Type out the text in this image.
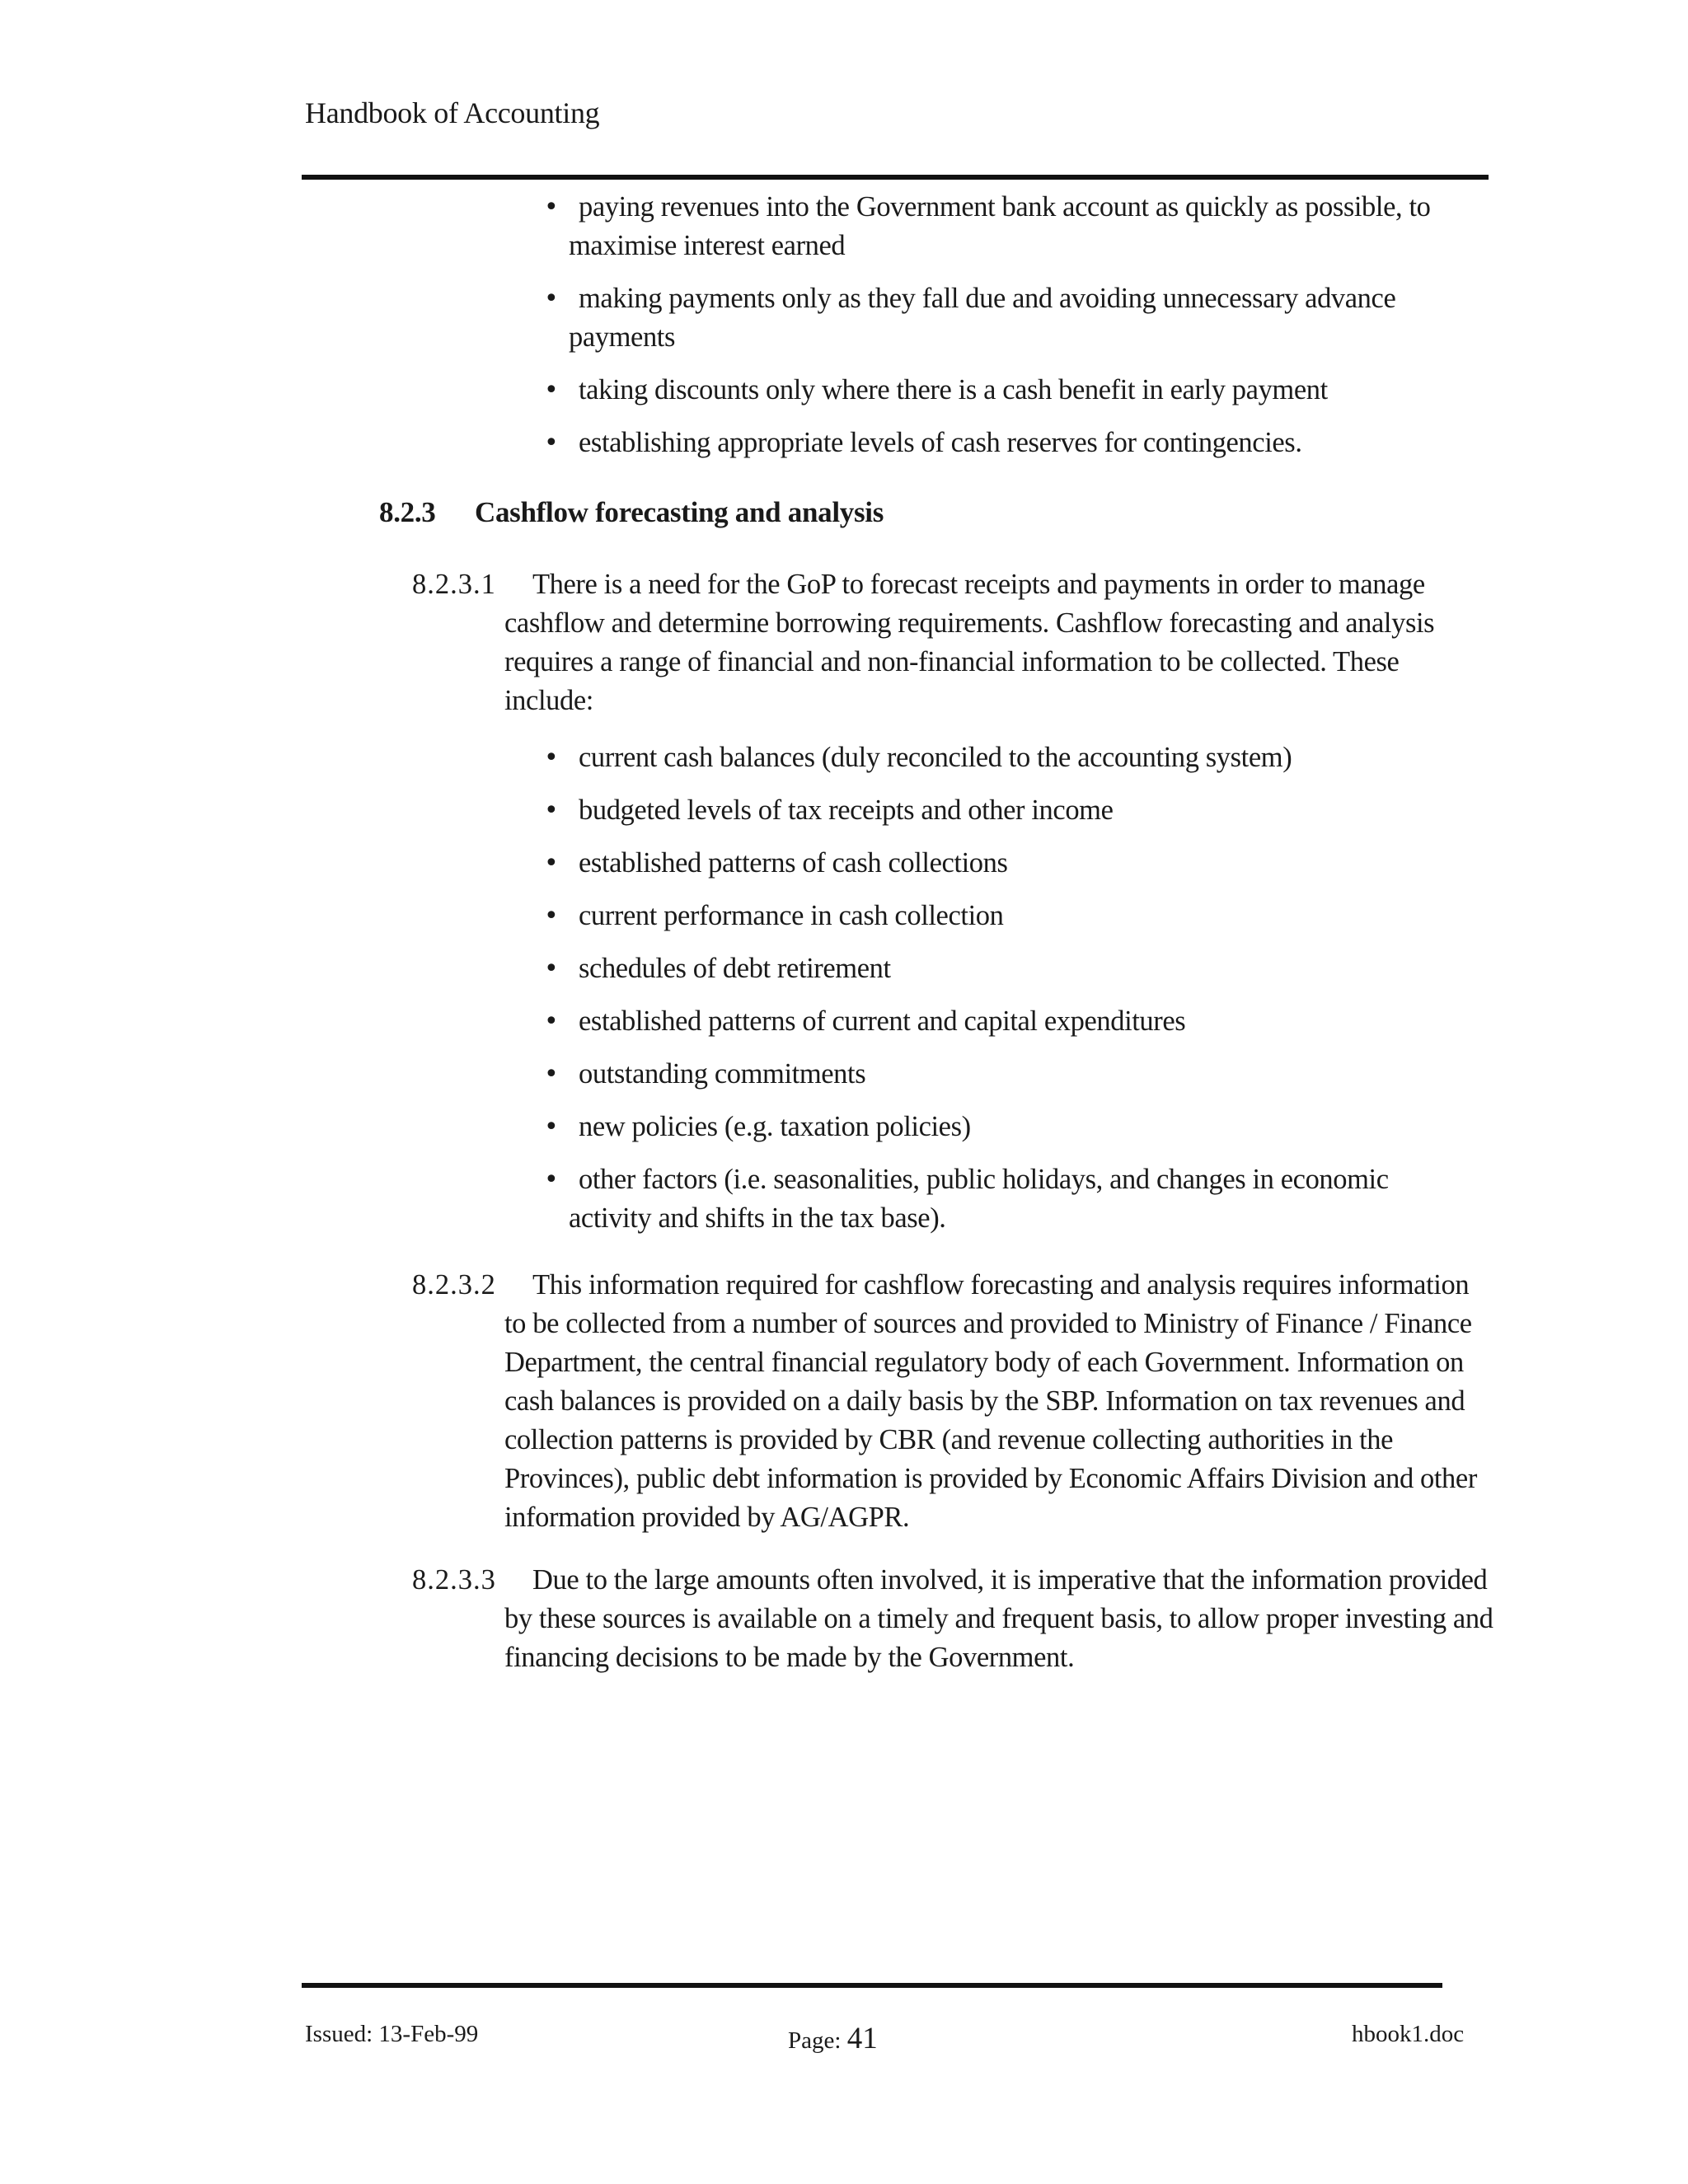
Handbook of Accounting
• paying revenues into the Government bank account as quickly as possible, to
maximise interest earned
• making payments only as they fall due and avoiding unnecessary advance
payments
• taking discounts only where there is a cash benefit in early payment
• establishing appropriate levels of cash reserves for contingencies.
8.2.3 Cashflow forecasting and analysis
8.2.3.1	There is a need for the GoP to forecast receipts and payments in order to manage cashflow and determine borrowing requirements. Cashflow forecasting and analysis requires a range of financial and non-financial information to be collected. These include:
• current cash balances (duly reconciled to the accounting system)
• budgeted levels of tax receipts and other income
• established patterns of cash collections
• current performance in cash collection
• schedules of debt retirement
• established patterns of current and capital expenditures
• outstanding commitments
• new policies (e.g. taxation policies)
• other factors (i.e. seasonalities, public holidays, and changes in economic
activity and shifts in the tax base).
8.2.3.2	This information required for cashflow forecasting and analysis requires information to be collected from a number of sources and provided to Ministry of Finance / Finance Department, the central financial regulatory body of each Government. Information on cash balances is provided on a daily basis by the SBP. Information on tax revenues and collection patterns is provided by CBR (and revenue collecting authorities in the Provinces), public debt information is provided by Economic Affairs Division and other information provided by AG/AGPR.
8.2.3.3	Due to the large amounts often involved, it is imperative that the information provided by these sources is available on a timely and frequent basis, to allow proper investing and financing decisions to be made by the Government.
Issued: 13-Feb-99	Page: 41	hbook1.doc
